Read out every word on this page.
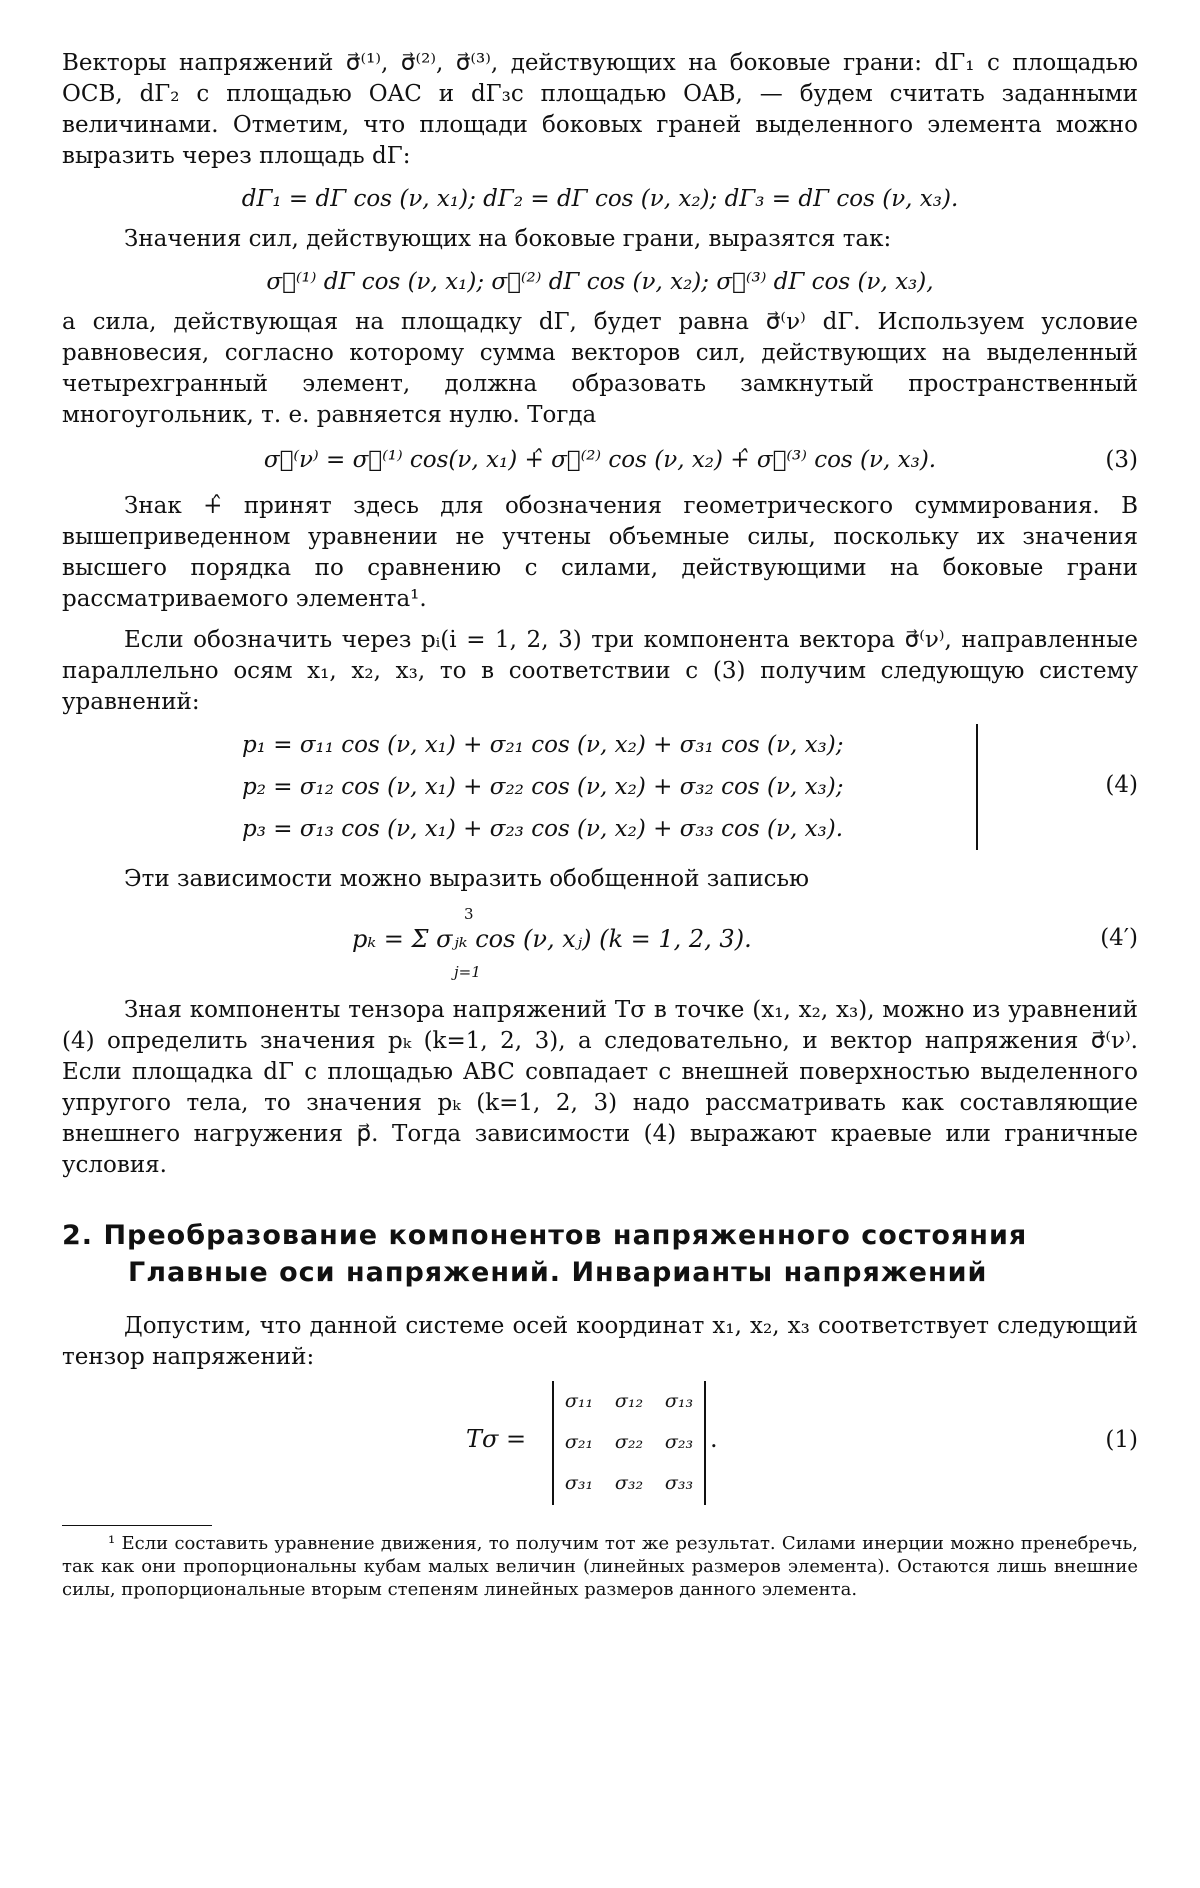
Векторы напряжений σ⃗⁽¹⁾, σ⃗⁽²⁾, σ⃗⁽³⁾, действующих на боковые грани: dΓ₁ с площадью OCB, dΓ₂ с площадью OAC и dΓ₃с площадью OAB, — будем считать заданными величинами. Отметим, что площади боковых граней выделенного элемента можно выразить через площадь dΓ:

dΓ₁ = dΓ cos (ν, x₁); dΓ₂ = dΓ cos (ν, x₂); dΓ₃ = dΓ cos (ν, x₃).

Значения сил, действующих на боковые грани, выразятся так:

σ⃗⁽¹⁾ dΓ cos (ν, x₁); σ⃗⁽²⁾ dΓ cos (ν, x₂); σ⃗⁽³⁾ dΓ cos (ν, x₃),

а сила, действующая на площадку dΓ, будет равна σ⃗⁽ν⁾ dΓ. Используем условие равновесия, согласно которому сумма векторов сил, действующих на выделенный четырехгранный элемент, должна образовать замкнутый пространственный многоугольник, т. е. равняется нулю. Тогда

σ⃗⁽ν⁾ = σ⃗⁽¹⁾ cos(ν, x₁) +̂ σ⃗⁽²⁾ cos (ν, x₂) +̂ σ⃗⁽³⁾ cos (ν, x₃).	(3)

Знак +̂ принят здесь для обозначения геометрического суммирования. В вышеприведенном уравнении не учтены объемные силы, поскольку их значения высшего порядка по сравнению с силами, действующими на боковые грани рассматриваемого элемента¹.

Если обозначить через pᵢ(i = 1, 2, 3) три компонента вектора σ⃗⁽ν⁾, направленные параллельно осям x₁, x₂, x₃, то в соответствии с (3) получим следующую систему уравнений:

p₁ = σ₁₁ cos (ν, x₁) + σ₂₁ cos (ν, x₂) + σ₃₁ cos (ν, x₃);
p₂ = σ₁₂ cos (ν, x₁) + σ₂₂ cos (ν, x₂) + σ₃₂ cos (ν, x₃);
p₃ = σ₁₃ cos (ν, x₁) + σ₂₃ cos (ν, x₂) + σ₃₃ cos (ν, x₃).
(4)

Эти зависимости можно выразить обобщенной записью

3
pₖ = Σ σⱼₖ cos (ν, xⱼ) (k = 1, 2, 3).
j=1
(4′)

Зная компоненты тензора напряжений Tσ в точке (x₁, x₂, x₃), можно из уравнений (4) определить значения pₖ (k=1, 2, 3), а следовательно, и вектор напряжения σ⃗⁽ν⁾. Если площадка dΓ с площадью ABC совпадает с внешней поверхностью выделенного упругого тела, то значения pₖ (k=1, 2, 3) надо рассматривать как составляющие внешнего нагружения p⃗. Тогда зависимости (4) выражают краевые или граничные условия.

2. Преобразование компонентов напряженного состояния
Главные оси напряжений. Инварианты напряжений

Допустим, что данной системе осей координат x₁, x₂, x₃ соответствует следующий тензор напряжений:

Tσ =
σ₁₁ σ₁₂ σ₁₃
σ₂₁ σ₂₂ σ₂₃
σ₃₁ σ₃₂ σ₃₃
.	(1)

¹ Если составить уравнение движения, то получим тот же результат. Силами инерции можно пренебречь, так как они пропорциональны кубам малых величин (линейных размеров элемента). Остаются лишь внешние силы, пропорциональные вторым степеням линейных размеров данного элемента.
